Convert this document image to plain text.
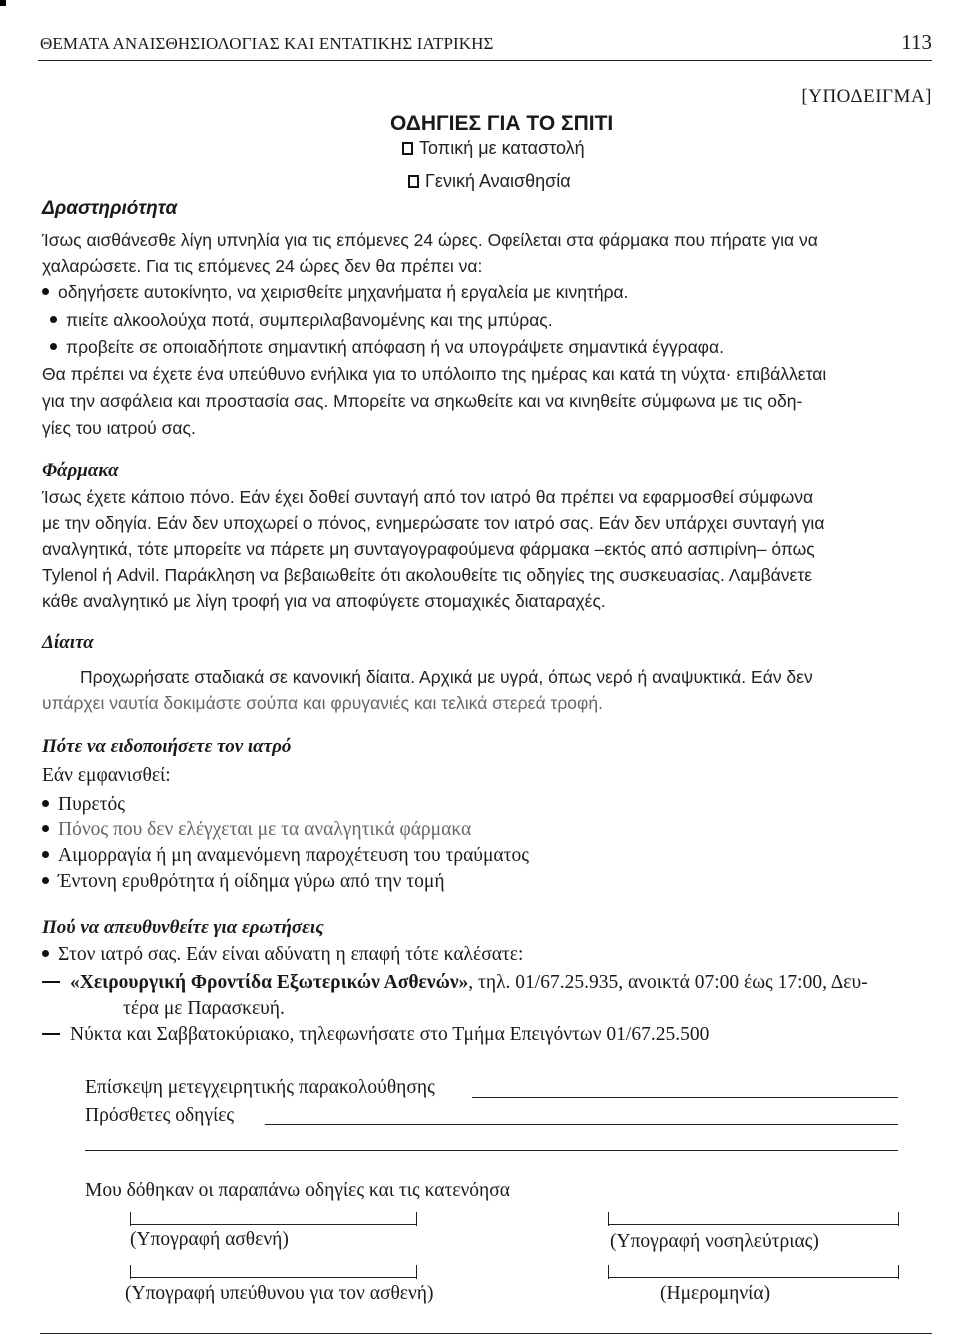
ΘΕΜΑΤΑ ΑΝΑΙΣΘΗΣΙΟΛΟΓΙΑΣ ΚΑΙ ΕΝΤΑΤΙΚΗΣ ΙΑΤΡΙΚΗΣ	113
[ΥΠΟΔΕΙΓΜΑ]
ΟΔΗΓΙΕΣ ΓΙΑ ΤΟ ΣΠΙΤΙ
Τοπική με καταστολή
Γενική Αναισθησία
Δραστηριότητα
Ίσως αισθάνεσθε λίγη υπνηλία για τις επόμενες 24 ώρες. Οφείλεται στα φάρμακα που πήρατε για να
χαλαρώσετε. Για τις επόμενες 24 ώρες δεν θα πρέπει να:
οδηγήσετε αυτοκίνητο, να χειρισθείτε μηχανήματα ή εργαλεία με κινητήρα.
πιείτε αλκοολούχα ποτά, συμπεριλαβανομένης και της μπύρας.
προβείτε σε οποιαδήποτε σημαντική απόφαση ή να υπογράψετε σημαντικά έγγραφα.
Θα πρέπει να έχετε ένα υπεύθυνο ενήλικα για το υπόλοιπο της ημέρας και κατά τη νύχτα· επιβάλλεται
για την ασφάλεια και προστασία σας. Μπορείτε να σηκωθείτε και να κινηθείτε σύμφωνα με τις οδη-
γίες του ιατρού σας.
Φάρμακα
Ίσως έχετε κάποιο πόνο. Εάν έχει δοθεί συνταγή από τον ιατρό θα πρέπει να εφαρμοσθεί σύμφωνα
με την οδηγία. Εάν δεν υποχωρεί ο πόνος, ενημερώσατε τον ιατρό σας. Εάν δεν υπάρχει συνταγή για
αναλγητικά, τότε μπορείτε να πάρετε μη συνταγογραφούμενα φάρμακα –εκτός από ασπιρίνη– όπως
Tylenol ή Advil. Παράκληση να βεβαιωθείτε ότι ακολουθείτε τις οδηγίες της συσκευασίας. Λαμβάνετε
κάθε αναλγητικό με λίγη τροφή για να αποφύγετε στομαχικές διαταραχές.
Δίαιτα
Προχωρήσατε σταδιακά σε κανονική δίαιτα. Αρχικά με υγρά, όπως νερό ή αναψυκτικά. Εάν δεν
υπάρχει ναυτία δοκιμάστε σούπα και φρυγανιές και τελικά στερεά τροφή.
Πότε να ειδοποιήσετε τον ιατρό
Εάν εμφανισθεί:
Πυρετός
Πόνος που δεν ελέγχεται με τα αναλγητικά φάρμακα
Αιμορραγία ή μη αναμενόμενη παροχέτευση του τραύματος
Έντονη ερυθρότητα ή οίδημα γύρω από την τομή
Πού να απευθυνθείτε για ερωτήσεις
Στον ιατρό σας. Εάν είναι αδύνατη η επαφή τότε καλέσατε:
«Χειρουργική Φροντίδα Εξωτερικών Ασθενών», τηλ. 01/67.25.935, ανοικτά 07:00 έως 17:00, Δευ-
τέρα με Παρασκευή.
Νύκτα και Σαββατοκύριακο, τηλεφωνήσατε στο Τμήμα Επειγόντων 01/67.25.500
Επίσκεψη μετεγχειρητικής παρακολούθησης
Πρόσθετες οδηγίες
Μου δόθηκαν οι παραπάνω οδηγίες και τις κατενόησα
(Υπογραφή ασθενή)	(Υπογραφή νοσηλεύτριας)
(Υπογραφή υπεύθυνου για τον ασθενή)	(Ημερομηνία)
